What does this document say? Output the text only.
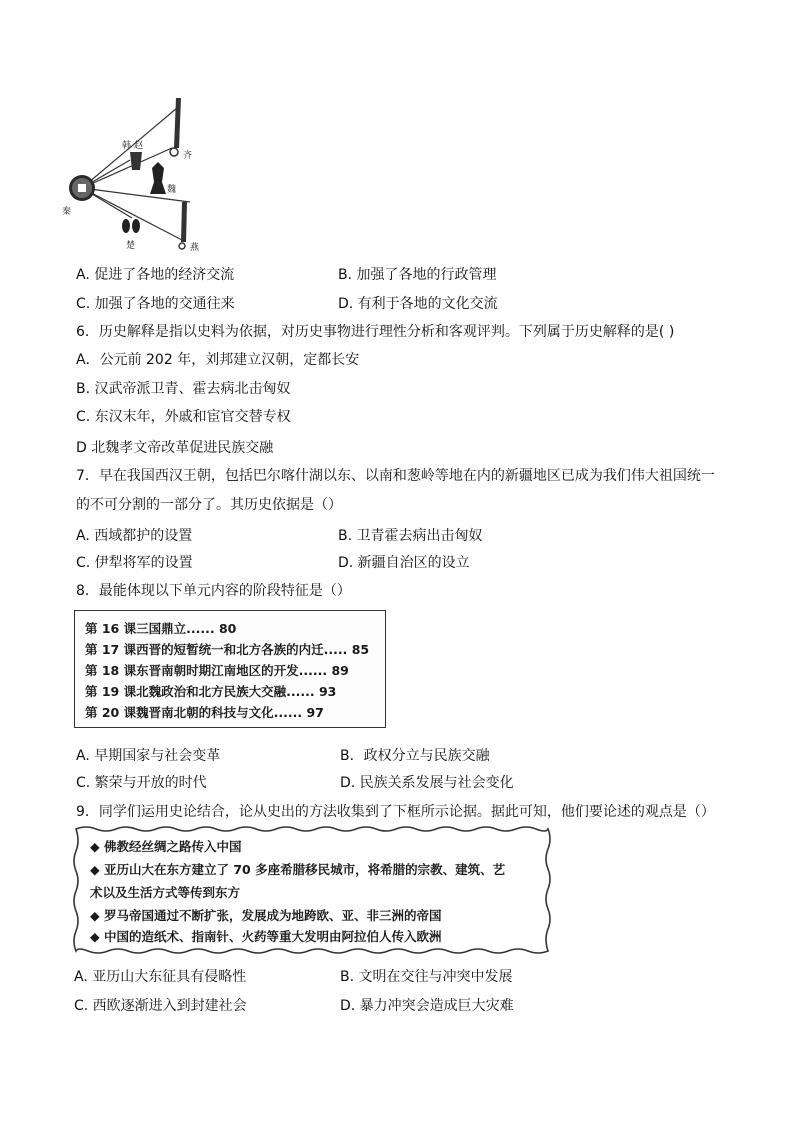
齐
赵
韩
魏
秦
楚	燕
A. 促进了各地的经济交流	B. 加强了各地的行政管理
C. 加强了各地的交通往来	D. 有利于各地的文化交流
6．历史解释是指以史料为依据，对历史事物进行理性分析和客观评判。下列属于历史解释的是( )
A．公元前 202 年，刘邦建立汉朝，定都长安
B. 汉武帝派卫青、霍去病北击匈奴
C. 东汉末年，外戚和宦官交替专权
D 北魏孝文帝改革促进民族交融
7．早在我国西汉王朝，包括巴尔喀什湖以东、以南和葱岭等地在内的新疆地区已成为我们伟大祖国统一
的不可分割的一部分了。其历史依据是（）
A. 西域都护的设置	B. 卫青霍去病出击匈奴
C. 伊犁将军的设置	D. 新疆自治区的设立
8．最能体现以下单元内容的阶段特征是（）
第 16 课三国鼎立...... 80
第 17 课西晋的短暂统一和北方各族的内迁..... 85
第 18 课东晋南朝时期江南地区的开发...... 89
第 19 课北魏政治和北方民族大交融...... 93
第 20 课魏晋南北朝的科技与文化...... 97
A. 早期国家与社会变革	B．政权分立与民族交融
C. 繁荣与开放的时代	D. 民族关系发展与社会变化
9．同学们运用史论结合，论从史出的方法收集到了下框所示论据。据此可知，他们要论述的观点是（）
◆ 佛教经丝绸之路传入中国
◆ 亚历山大在东方建立了 70 多座希腊移民城市，将希腊的宗教、建筑、艺
术以及生活方式等传到东方
◆ 罗马帝国通过不断扩张，发展成为地跨欧、亚、非三洲的帝国
◆ 中国的造纸术、指南针、火药等重大发明由阿拉伯人传入欧洲
A. 亚历山大东征具有侵略性	B. 文明在交往与冲突中发展
C. 西欧逐渐进入到封建社会	D. 暴力冲突会造成巨大灾难
